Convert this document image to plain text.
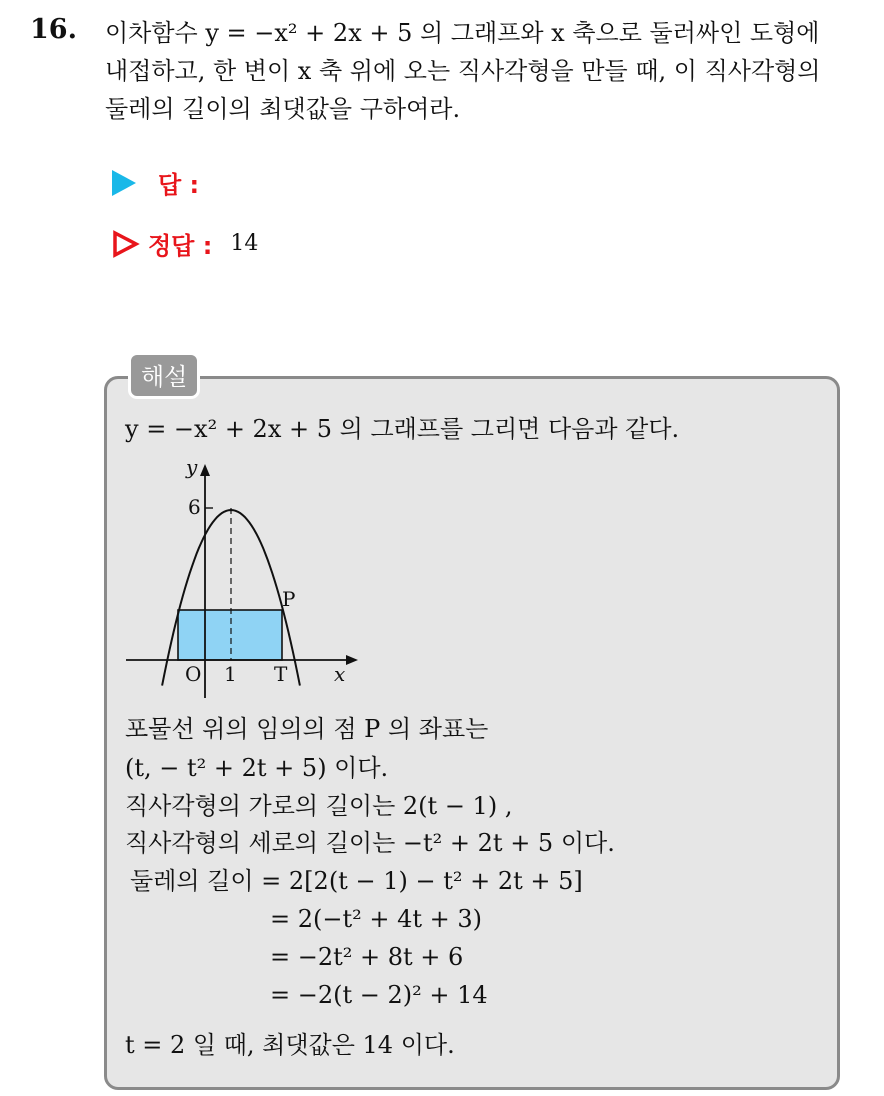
16. 이차함수 y = −x² + 2x + 5 의 그래프와 x 축으로 둘러싸인 도형에
내접하고, 한 변이 x 축 위에 오는 직사각형을 만들 때, 이 직사각형의
둘레의 길이의 최댓값을 구하여라.
답 :
정답 : 14
해설
y = −x² + 2x + 5 의 그래프를 그리면 다음과 같다.
y
6
P
O 1 T x
포물선 위의 임의의 점 P 의 좌표는
(t, − t² + 2t + 5) 이다.
직사각형의 가로의 길이는 2(t − 1) ,
직사각형의 세로의 길이는 −t² + 2t + 5 이다.
둘레의 길이 = 2[2(t − 1) − t² + 2t + 5]
= 2(−t² + 4t + 3)
= −2t² + 8t + 6
= −2(t − 2)² + 14
t = 2 일 때, 최댓값은 14 이다.
